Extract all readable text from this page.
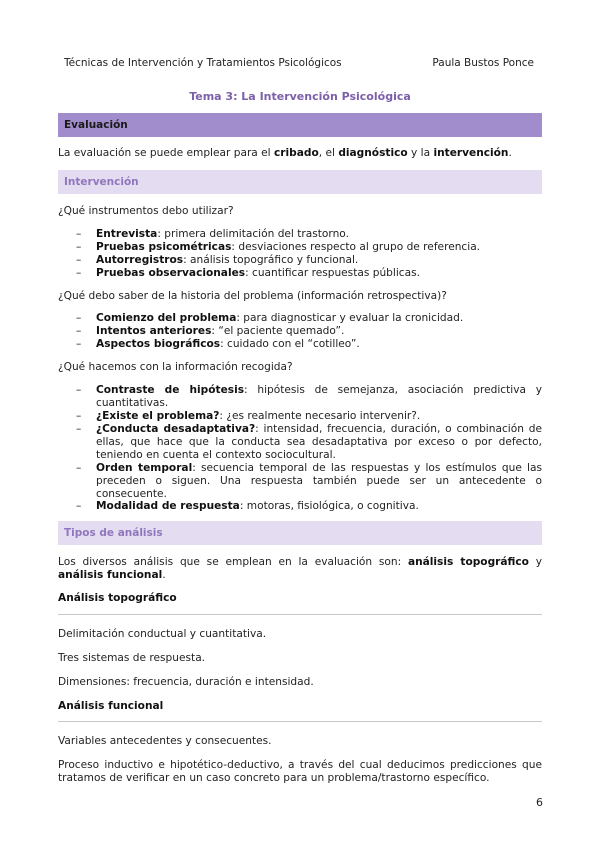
Técnicas de Intervención y Tratamientos Psicológicos	Paula Bustos Ponce
Tema 3: La Intervención Psicológica
Evaluación

La evaluación se puede emplear para el cribado, el diagnóstico y la intervención.

Intervención

¿Qué instrumentos debo utilizar?

– Entrevista: primera delimitación del trastorno.
– Pruebas psicométricas: desviaciones respecto al grupo de referencia.
– Autorregistros: análisis topográfico y funcional.
– Pruebas observacionales: cuantificar respuestas públicas.

¿Qué debo saber de la historia del problema (información retrospectiva)?

– Comienzo del problema: para diagnosticar y evaluar la cronicidad.
– Intentos anteriores: “el paciente quemado”.
– Aspectos biográficos: cuidado con el “cotilleo”.

¿Qué hacemos con la información recogida?

– Contraste de hipótesis: hipótesis de semejanza, asociación predictiva y cuantitativas.
– ¿Existe el problema?: ¿es realmente necesario intervenir?.
– ¿Conducta desadaptativa?: intensidad, frecuencia, duración, o combinación de ellas, que hace que la conducta sea desadaptativa por exceso o por defecto, teniendo en cuenta el contexto sociocultural.
– Orden temporal: secuencia temporal de las respuestas y los estímulos que las preceden o siguen. Una respuesta también puede ser un antecedente o consecuente.
– Modalidad de respuesta: motoras, fisiológica, o cognitiva.
Tipos de análisis

Los diversos análisis que se emplean en la evaluación son: análisis topográfico y análisis funcional.

Análisis topográfico

Delimitación conductual y cuantitativa.

Tres sistemas de respuesta.

Dimensiones: frecuencia, duración e intensidad.

Análisis funcional

Variables antecedentes y consecuentes.

Proceso inductivo e hipotético-deductivo, a través del cual deducimos predicciones que tratamos de verificar en un caso concreto para un problema/trastorno específico.

6
